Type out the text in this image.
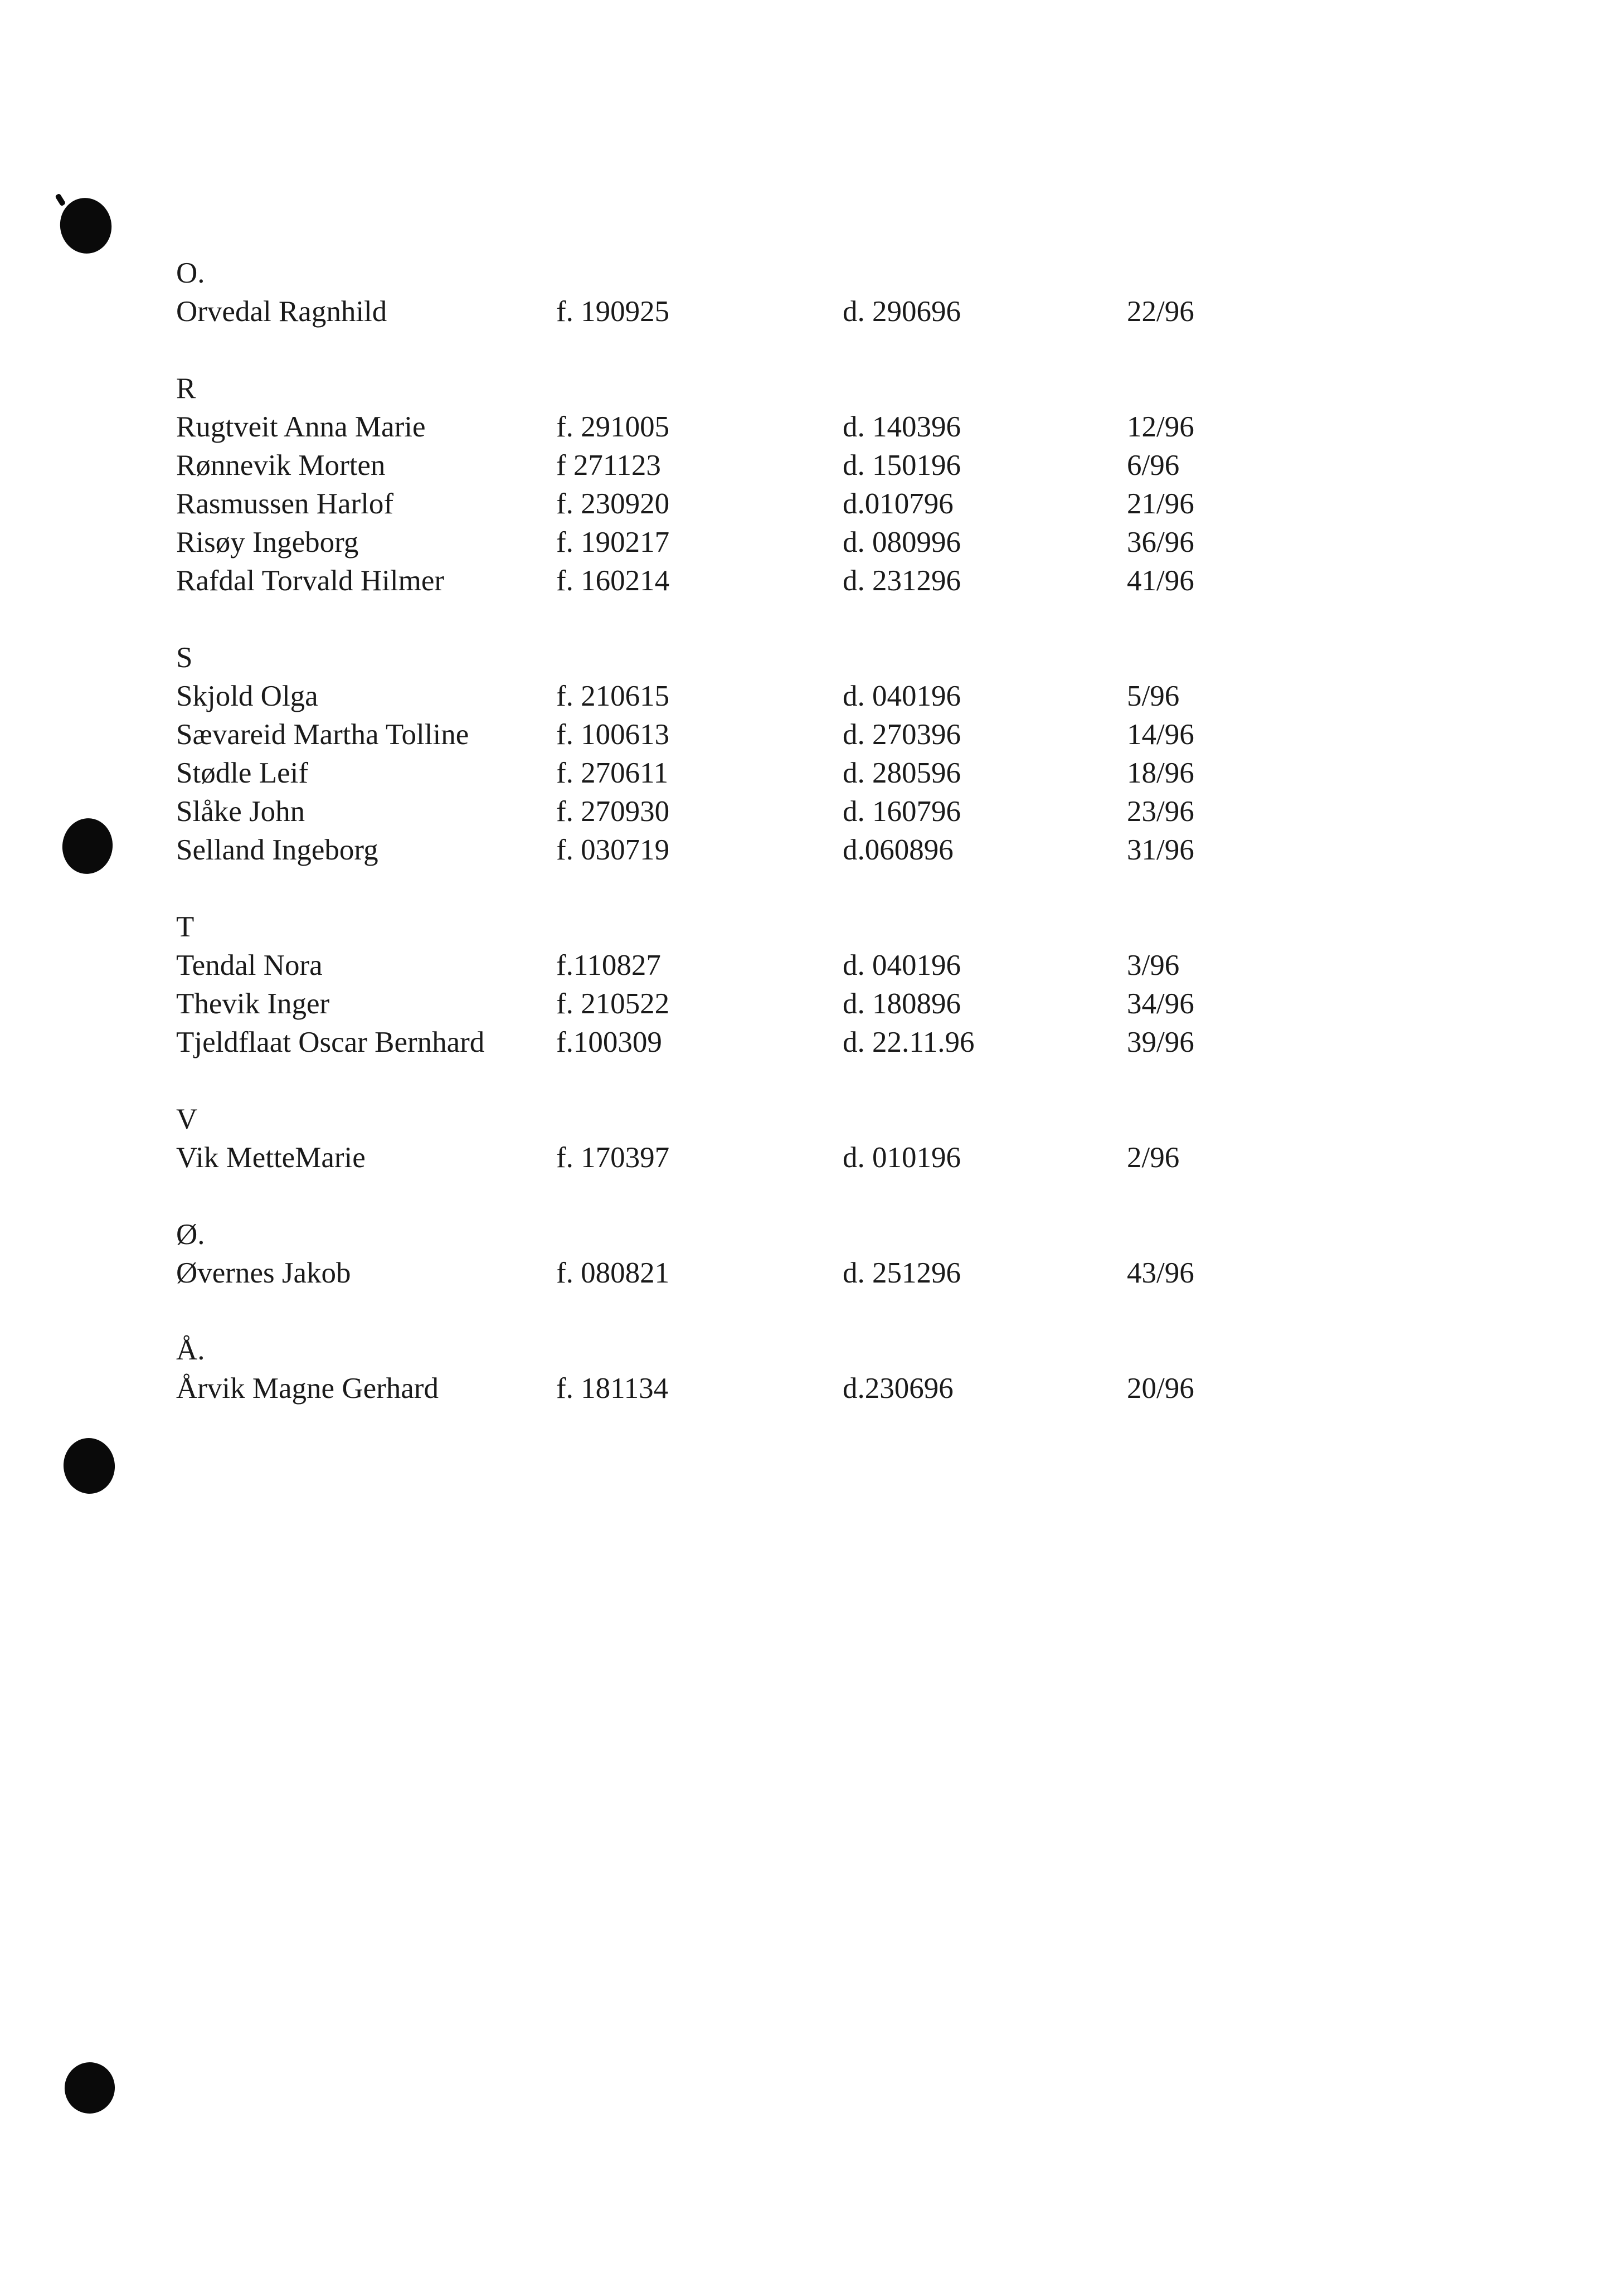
O.
Orvedal Ragnhild	f. 190925	d. 290696	22/96
R
Rugtveit Anna Marie	f. 291005	d. 140396	12/96
Rønnevik Morten	f 271123	d. 150196	6/96
Rasmussen Harlof	f. 230920	d.010796	21/96
Risøy Ingeborg	f. 190217	d. 080996	36/96
Rafdal Torvald Hilmer	f. 160214	d. 231296	41/96
S
Skjold Olga	f. 210615	d. 040196	5/96
Sævareid Martha Tolline	f. 100613	d. 270396	14/96
Stødle Leif	f. 270611	d. 280596	18/96
Slåke John	f. 270930	d. 160796	23/96
Selland Ingeborg	f. 030719	d.060896	31/96
T
Tendal Nora	f.110827	d. 040196	3/96
Thevik Inger	f. 210522	d. 180896	34/96
Tjeldflaat Oscar Bernhard f.100309	d. 22.11.96	39/96
V
Vik MetteMarie	f. 170397	d. 010196	2/96
Ø.
Øvernes Jakob	f. 080821	d. 251296	43/96
Å.
Årvik Magne Gerhard	f. 181134	d.230696	20/96
